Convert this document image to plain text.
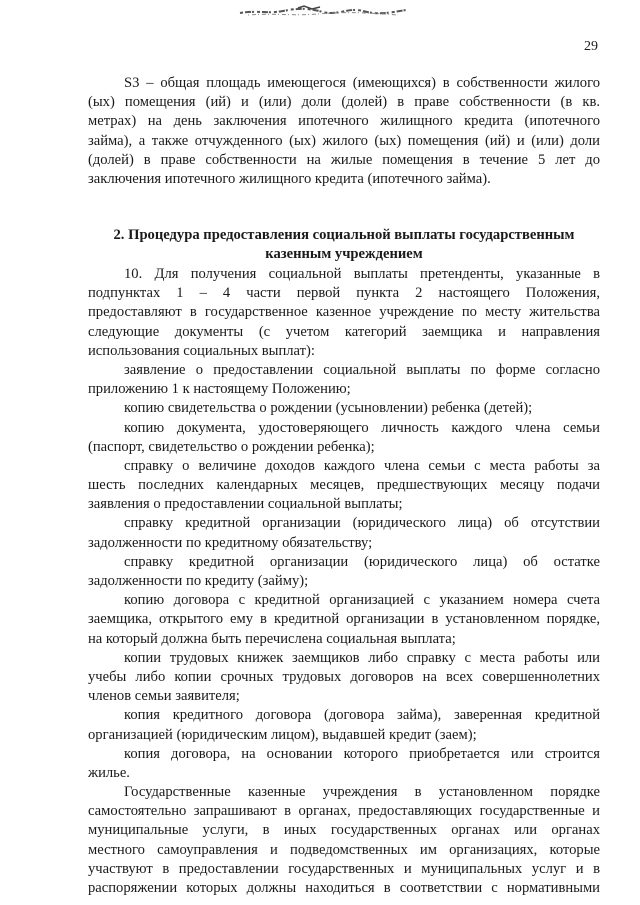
29
S3 – общая площадь имеющегося (имеющихся) в собственности жилого
(ых) помещения (ий) и (или) доли (долей) в праве собственности (в кв.
метрах) на день заключения ипотечного жилищного кредита (ипотечного
займа), а также отчужденного (ых) жилого (ых) помещения (ий) и (или) доли
(долей) в праве собственности на жилые помещения в течение 5 лет до
заключения ипотечного жилищного кредита (ипотечного займа).
2. Процедура предоставления социальной выплаты государственным
казенным учреждением
10. Для получения социальной выплаты претенденты, указанные в
подпунктах 1 – 4 части первой пункта 2 настоящего Положения,
предоставляют в государственное казенное учреждение по месту жительства
следующие документы (с учетом категорий заемщика и направления
использования социальных выплат):
заявление о предоставлении социальной выплаты по форме согласно
приложению 1 к настоящему Положению;
копию свидетельства о рождении (усыновлении) ребенка (детей);
копию документа, удостоверяющего личность каждого члена семьи
(паспорт, свидетельство о рождении ребенка);
справку о величине доходов каждого члена семьи с места работы за
шесть последних календарных месяцев, предшествующих месяцу подачи
заявления о предоставлении социальной выплаты;
справку кредитной организации (юридического лица) об отсутствии
задолженности по кредитному обязательству;
справку кредитной организации (юридического лица) об остатке
задолженности по кредиту (займу);
копию договора с кредитной организацией с указанием номера счета
заемщика, открытого ему в кредитной организации в установленном порядке,
на который должна быть перечислена социальная выплата;
копии трудовых книжек заемщиков либо справку с места работы или
учебы либо копии срочных трудовых договоров на всех совершеннолетних
членов семьи заявителя;
копия кредитного договора (договора займа), заверенная кредитной
организацией (юридическим лицом), выдавшей кредит (заем);
копия договора, на основании которого приобретается или строится
жилье.
Государственные казенные учреждения в установленном порядке
самостоятельно запрашивают в органах, предоставляющих государственные и
муниципальные услуги, в иных государственных органах или органах
местного самоуправления и подведомственных им организациях, которые
участвуют в предоставлении государственных и муниципальных услуг и в
распоряжении которых должны находиться в соответствии с нормативными
